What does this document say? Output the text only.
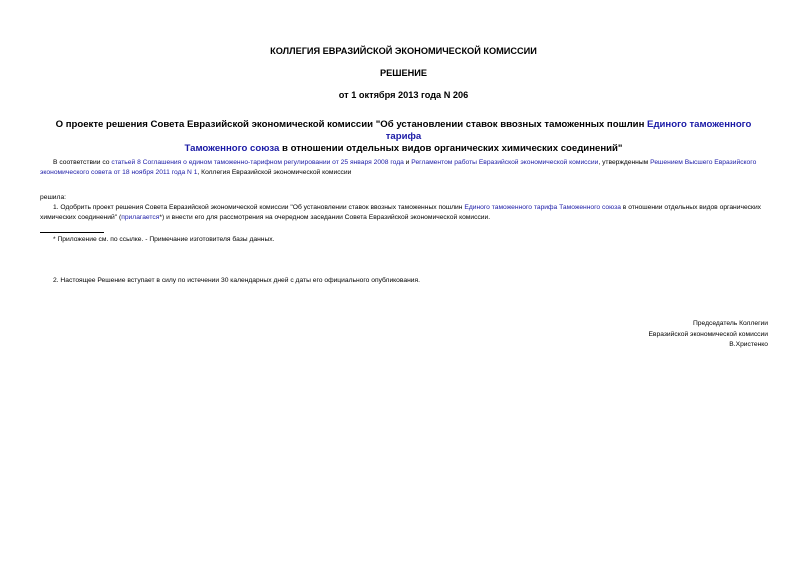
КОЛЛЕГИЯ ЕВРАЗИЙСКОЙ ЭКОНОМИЧЕСКОЙ КОМИССИИ
РЕШЕНИЕ
от 1 октября 2013 года N 206
О проекте решения Совета Евразийской экономической комиссии "Об установлении ставок ввозных таможенных пошлин Единого таможенного тарифа
Таможенного союза в отношении отдельных видов органических химических соединений"
В соответствии со статьей 8 Соглашения о едином таможенно-тарифном регулировании от 25 января 2008 года и Регламентом работы Евразийской экономической комиссии, утвержденным Решением Высшего Евразийского экономического совета от 18 ноября 2011 года N 1, Коллегия Евразийской экономической комиссии
решила:
1. Одобрить проект решения Совета Евразийской экономической комиссии "Об установлении ставок ввозных таможенных пошлин Единого таможенного тарифа Таможенного союза в отношении отдельных видов органических химических соединений" (прилагается*) и внести его для рассмотрения на очередном заседании Совета Евразийской экономической комиссии.
* Приложение см. по ссылке. - Примечание изготовителя базы данных.
2. Настоящее Решение вступает в силу по истечении 30 календарных дней с даты его официального опубликования.
Председатель Коллегии
Евразийской экономической комиссии
В.Христенко
